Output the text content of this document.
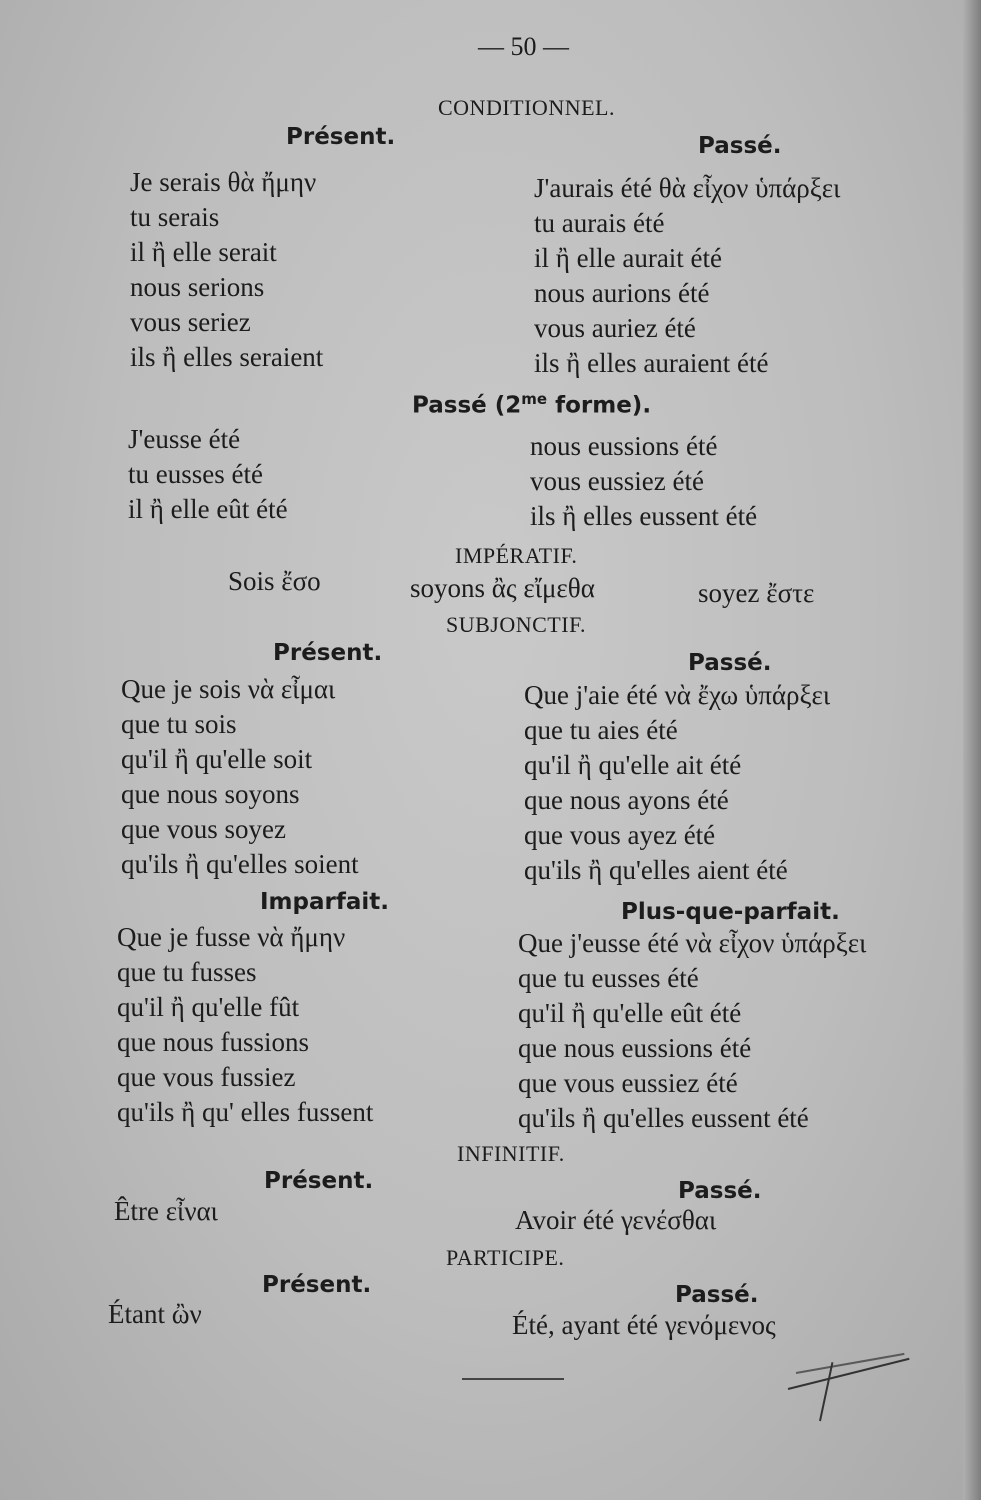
— 50 —
CONDITIONNEL.
Présent.	Passé.
Je serais θὰ ἤμην
tu serais
il ἢ elle serait
nous serions
vous seriez
ils ἢ elles seraient
J'aurais été θὰ εἶχον ὑπάρξει
tu aurais été
il ἢ elle aurait été
nous aurions été
vous auriez été
ils ἢ elles auraient été
Passé ($2^{me}$ forme).
J'eusse été
tu eusses été
il ἢ elle eût été
nous eussions été
vous eussiez été
ils ἢ elles eussent été
IMPÉRATIF.
Sois ἔσο	soyons ἂς εἴμεθα	soyez ἔστε
SUBJONCTIF.
Présent.	Passé.
Que je sois νὰ εἶμαι
que tu sois
qu'il ἢ qu'elle soit
que nous soyons
que vous soyez
qu'ils ἢ qu'elles soient
Que j'aie été νὰ ἔχω ὑπάρξει
que tu aies été
qu'il ἢ qu'elle ait été
que nous ayons été
que vous ayez été
qu'ils ἢ qu'elles aient été
Imparfait.	Plus-que-parfait.
Que je fusse νὰ ἤμην
que tu fusses
qu'il ἢ qu'elle fût
que nous fussions
que vous fussiez
qu'ils ἢ qu' elles fussent
Que j'eusse été νὰ εἶχον ὑπάρξει
que tu eusses été
qu'il ἢ qu'elle eût été
que nous eussions été
que vous eussiez été
qu'ils ἢ qu'elles eussent été
INFINITIF.
Présent.
Être εἶναι
Passé.
Avoir été γενέσθαι
PARTICIPE.
Présent.
Étant ὢν
Passé.
Été, ayant été γενόμενος
